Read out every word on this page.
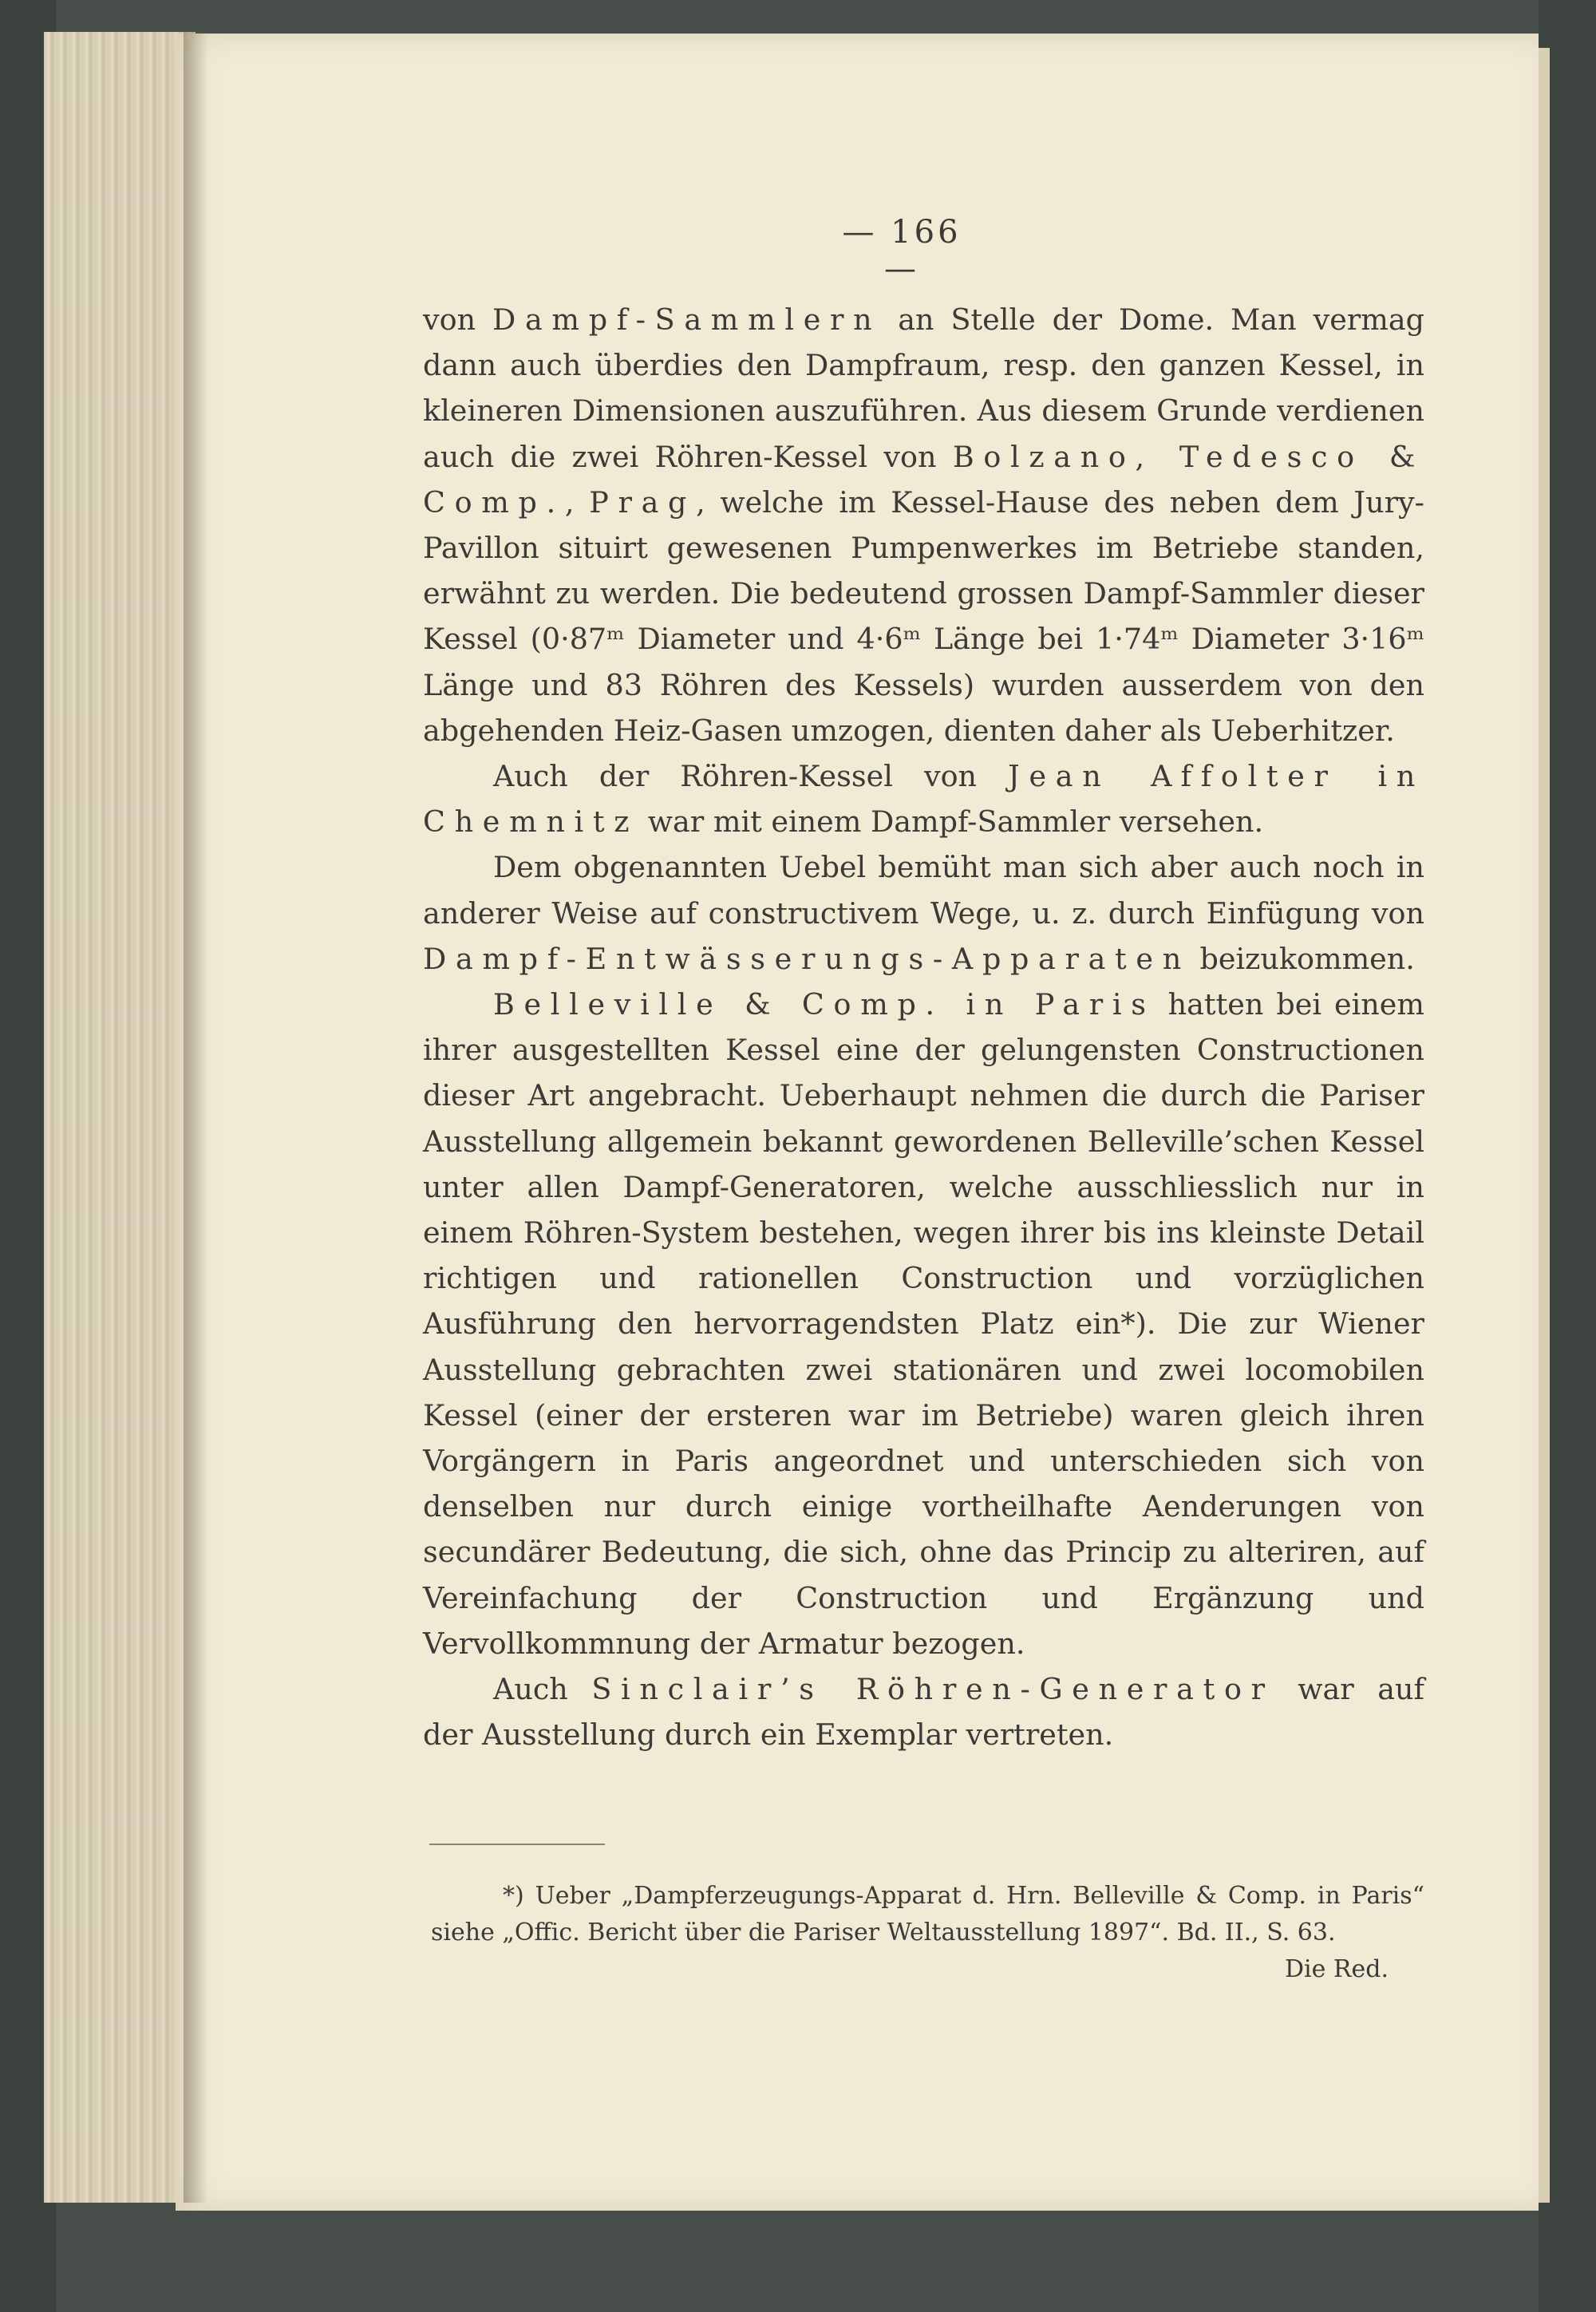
— 166 —

von Dampf-Sammlern an Stelle der Dome. Man vermag dann auch überdies den Dampfraum, resp. den ganzen Kessel, in kleineren Dimensionen auszuführen. Aus diesem Grunde verdienen auch die zwei Röhren-Kessel von Bolzano, Tedesco & Comp., Prag, welche im Kessel-Hause des neben dem Jury-Pavillon situirt gewesenen Pumpenwerkes im Betriebe standen, erwähnt zu werden. Die bedeutend grossen Dampf-Sammler dieser Kessel (0·87ᵐ Diameter und 4·6ᵐ Länge bei 1·74ᵐ Diameter 3·16ᵐ Länge und 83 Röhren des Kessels) wurden ausserdem von den abgehenden Heiz-Gasen umzogen, dienten daher als Ueberhitzer.

Auch der Röhren-Kessel von Jean Affolter in Chemnitz war mit einem Dampf-Sammler versehen.

Dem obgenannten Uebel bemüht man sich aber auch noch in anderer Weise auf constructivem Wege, u. z. durch Einfügung von Dampf-Entwässerungs-Apparaten beizukommen.

Belleville & Comp. in Paris hatten bei einem ihrer ausgestellten Kessel eine der gelungensten Constructionen dieser Art angebracht. Ueberhaupt nehmen die durch die Pariser Ausstellung allgemein bekannt gewordenen Belleville’schen Kessel unter allen Dampf-Generatoren, welche ausschliesslich nur in einem Röhren-System bestehen, wegen ihrer bis ins kleinste Detail richtigen und rationellen Construction und vorzüglichen Ausführung den hervorragendsten Platz ein*). Die zur Wiener Ausstellung gebrachten zwei stationären und zwei locomobilen Kessel (einer der ersteren war im Betriebe) waren gleich ihren Vorgängern in Paris angeordnet und unterschieden sich von denselben nur durch einige vortheilhafte Aenderungen von secundärer Bedeutung, die sich, ohne das Princip zu alteriren, auf Vereinfachung der Construction und Ergänzung und Vervollkommnung der Armatur bezogen.

Auch Sinclair’s Röhren-Generator war auf der Ausstellung durch ein Exemplar vertreten.

*) Ueber „Dampferzeugungs-Apparat d. Hrn. Belleville & Comp. in Paris“ siehe „Offic. Bericht über die Pariser Weltausstellung 1897“. Bd. II., S. 63.

Die Red.
